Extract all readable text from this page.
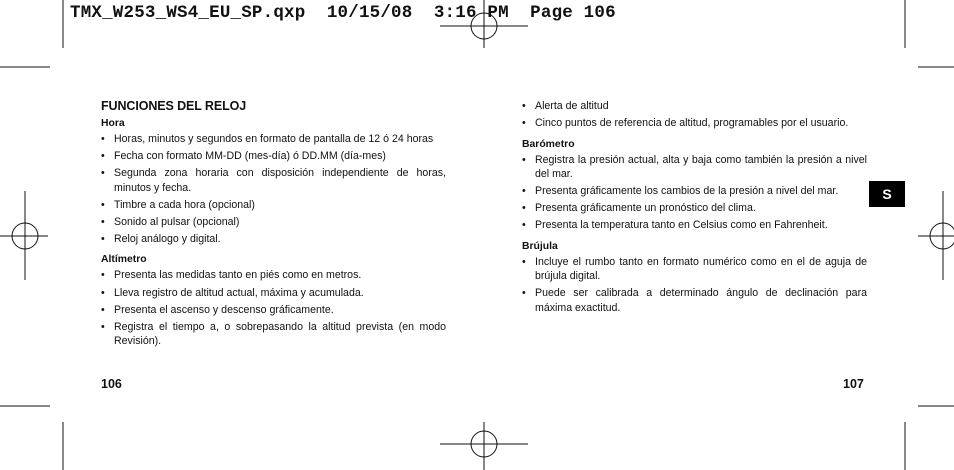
TMX_W253_WS4_EU_SP.qxp  10/15/08  3:16 PM  Page 106
FUNCIONES DEL RELOJ
Hora
• Horas, minutos y segundos en formato de pantalla de 12 ó 24 horas
• Fecha con formato MM-DD (mes-día) ó DD.MM (día-mes)
• Segunda zona horaria con disposición independiente de horas, minutos y fecha.
• Timbre a cada hora (opcional)
• Sonido al pulsar (opcional)
• Reloj análogo y digital.
Altímetro
• Presenta las medidas tanto en piés como en metros.
• Lleva registro de altitud actual, máxima y acumulada.
• Presenta el ascenso y descenso gráficamente.
• Registra el tiempo a, o sobrepasando la altitud prevista (en modo Revisión).
106
• Alerta de altitud
• Cinco puntos de referencia de altitud, programables por el usuario.
Barómetro
• Registra la presión actual, alta y baja como también la presión a nivel del mar.
• Presenta gráficamente los cambios de la presión a nivel del mar.
• Presenta gráficamente un pronóstico del clima.
• Presenta la temperatura tanto en Celsius como en Fahrenheit.
Brújula
• Incluye el rumbo tanto en formato numérico como en el de aguja de brújula digital.
• Puede ser calibrada a determinado ángulo de declinación para máxima exactitud.
107
S
